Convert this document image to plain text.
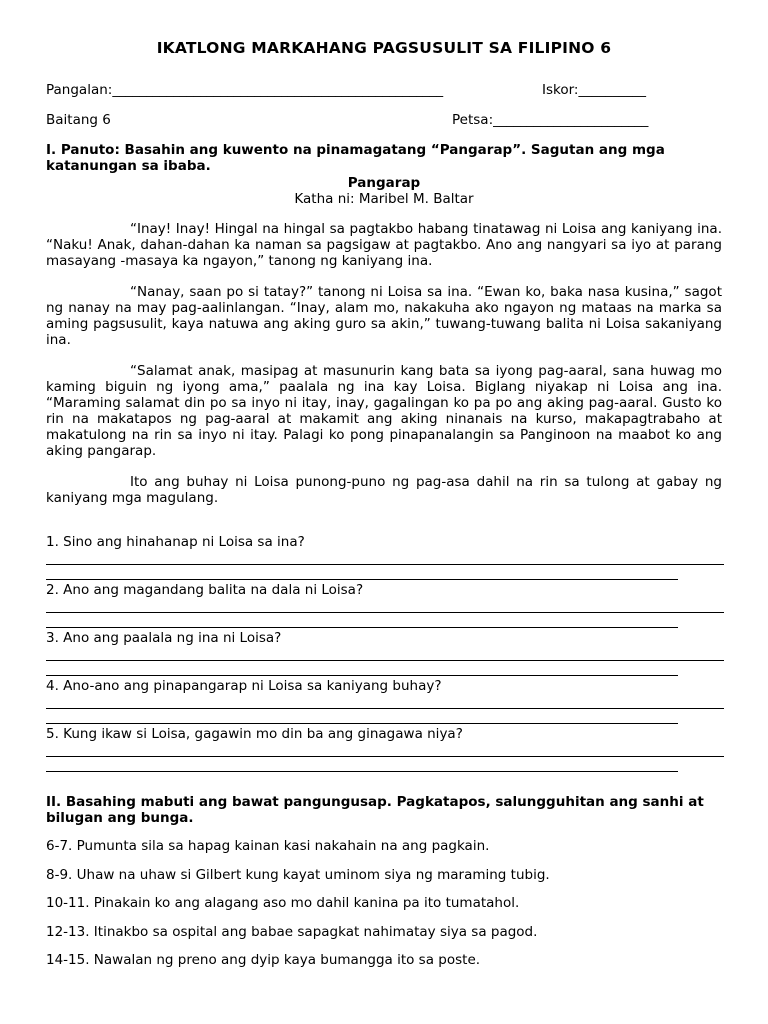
IKATLONG MARKAHANG PAGSUSULIT SA FILIPINO 6
Pangalan:_________________________________________________	Iskor:__________
Baitang 6	Petsa:_______________________

I. Panuto: Basahin ang kuwento na pinamagatang “Pangarap”. Sagutan ang mga katanungan sa ibaba.

Pangarap

Katha ni: Maribel M. Baltar

“Inay! Inay! Hingal na hingal sa pagtakbo habang tinatawag ni Loisa ang kaniyang ina. “Naku! Anak, dahan-dahan ka naman sa pagsigaw at pagtakbo. Ano ang nangyari sa iyo at parang masayang -masaya ka ngayon,” tanong ng kaniyang ina.

“Nanay, saan po si tatay?” tanong ni Loisa sa ina. “Ewan ko, baka nasa kusina,” sagot ng nanay na may pag-aalinlangan. “Inay, alam mo, nakakuha ako ngayon ng mataas na marka sa aming pagsusulit, kaya natuwa ang aking guro sa akin,” tuwang-tuwang balita ni Loisa sakaniyang ina.

“Salamat anak, masipag at masunurin kang bata sa iyong pag-aaral, sana huwag mo kaming biguin ng iyong ama,” paalala ng ina kay Loisa. Biglang niyakap ni Loisa ang ina. “Maraming salamat din po sa inyo ni itay, inay, gagalingan ko pa po ang aking pag-aaral. Gusto ko rin na makatapos ng pag-aaral at makamit ang aking ninanais na kurso, makapagtrabaho at makatulong na rin sa inyo ni itay. Palagi ko pong pinapanalangin sa Panginoon na maabot ko ang aking pangarap.

Ito ang buhay ni Loisa punong-puno ng pag-asa dahil na rin sa tulong at gabay ng kaniyang mga magulang.

1. Sino ang hinahanap ni Loisa sa ina?

2. Ano ang magandang balita na dala ni Loisa?

3. Ano ang paalala ng ina ni Loisa?

4. Ano-ano ang pinapangarap ni Loisa sa kaniyang buhay?

5. Kung ikaw si Loisa, gagawin mo din ba ang ginagawa niya?

II. Basahing mabuti ang bawat pangungusap. Pagkatapos, salungguhitan ang sanhi at bilugan ang bunga.

6-7. Pumunta sila sa hapag kainan kasi nakahain na ang pagkain.

8-9. Uhaw na uhaw si Gilbert kung kayat uminom siya ng maraming tubig.

10-11. Pinakain ko ang alagang aso mo dahil kanina pa ito tumatahol.

12-13. Itinakbo sa ospital ang babae sapagkat nahimatay siya sa pagod.

14-15. Nawalan ng preno ang dyip kaya bumangga ito sa poste.
